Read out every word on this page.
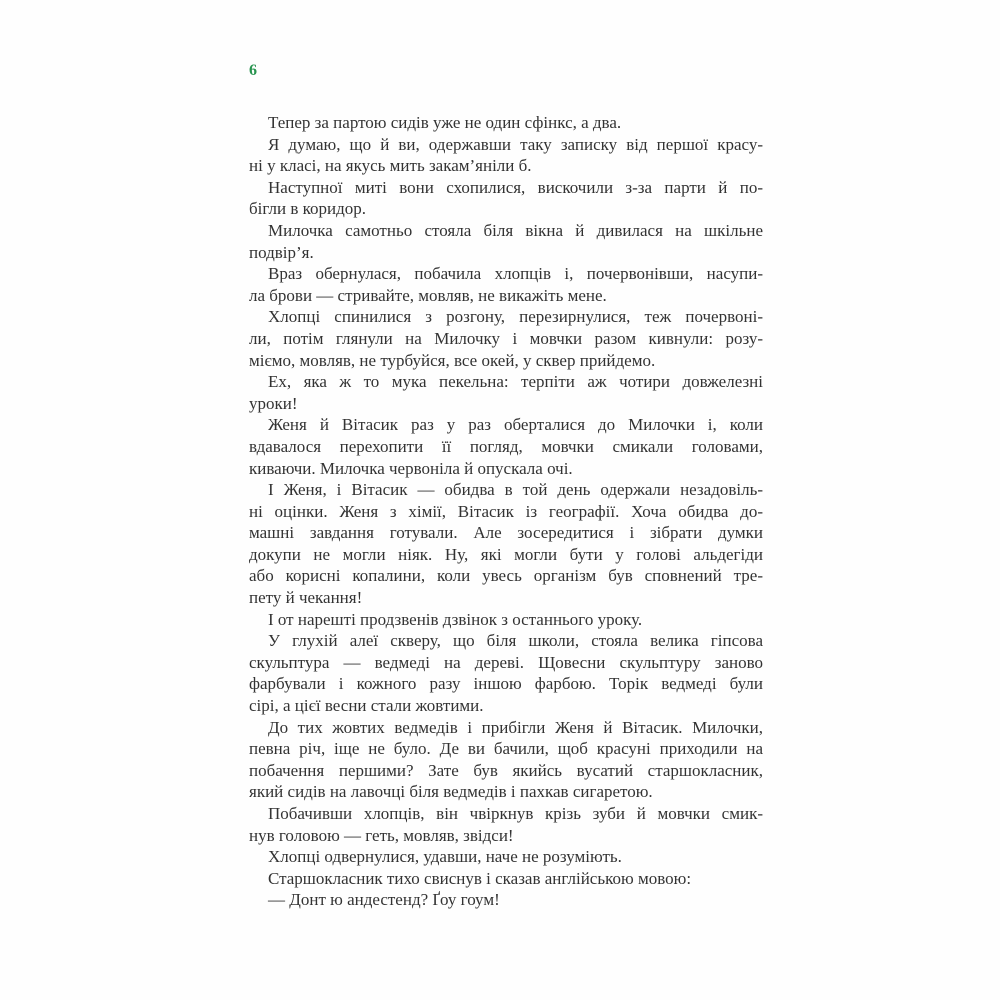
6
Тепер за партою сидів уже не один сфінкс, а два.
Я думаю, що й ви, одержавши таку записку від першої красу-
ні у класі, на якусь мить закам’яніли б.
Наступної миті вони схопилися, вискочили з-за парти й по-
бігли в коридор.
Милочка самотньо стояла біля вікна й дивилася на шкільне
подвір’я.
Враз обернулася, побачила хлопців і, почервонівши, насупи-
ла брови — стривайте, мовляв, не викажіть мене.
Хлопці спинилися з розгону, перезирнулися, теж почервоні-
ли, потім глянули на Милочку і мовчки разом кивнули: розу-
міємо, мовляв, не турбуйся, все окей, у сквер прийдемо.
Ех, яка ж то мука пекельна: терпіти аж чотири довжелезні
уроки!
Женя й Вітасик раз у раз оберталися до Милочки і, коли
вдавалося перехопити її погляд, мовчки смикали головами,
киваючи. Милочка червоніла й опускала очі.
І Женя, і Вітасик — обидва в той день одержали незадовіль-
ні оцінки. Женя з хімії, Вітасик із географії. Хоча обидва до-
машні завдання готували. Але зосередитися і зібрати думки
докупи не могли ніяк. Ну, які могли бути у голові альдегіди
або корисні копалини, коли увесь організм був сповнений тре-
пету й чекання!
І от нарешті продзвенів дзвінок з останнього уроку.
У глухій алеї скверу, що біля школи, стояла велика гіпсова
скульптура — ведмеді на дереві. Щовесни скульптуру заново
фарбували і кожного разу іншою фарбою. Торік ведмеді були
сірі, а цієї весни стали жовтими.
До тих жовтих ведмедів і прибігли Женя й Вітасик. Милочки,
певна річ, іще не було. Де ви бачили, щоб красуні приходили на
побачення першими? Зате був якийсь вусатий старшокласник,
який сидів на лавочці біля ведмедів і пахкав сигаретою.
Побачивши хлопців, він чвіркнув крізь зуби й мовчки смик-
нув головою — геть, мовляв, звідси!
Хлопці одвернулися, удавши, наче не розуміють.
Старшокласник тихо свиснув і сказав англійською мовою:
— Донт ю андестенд? Ґоу гоум!
